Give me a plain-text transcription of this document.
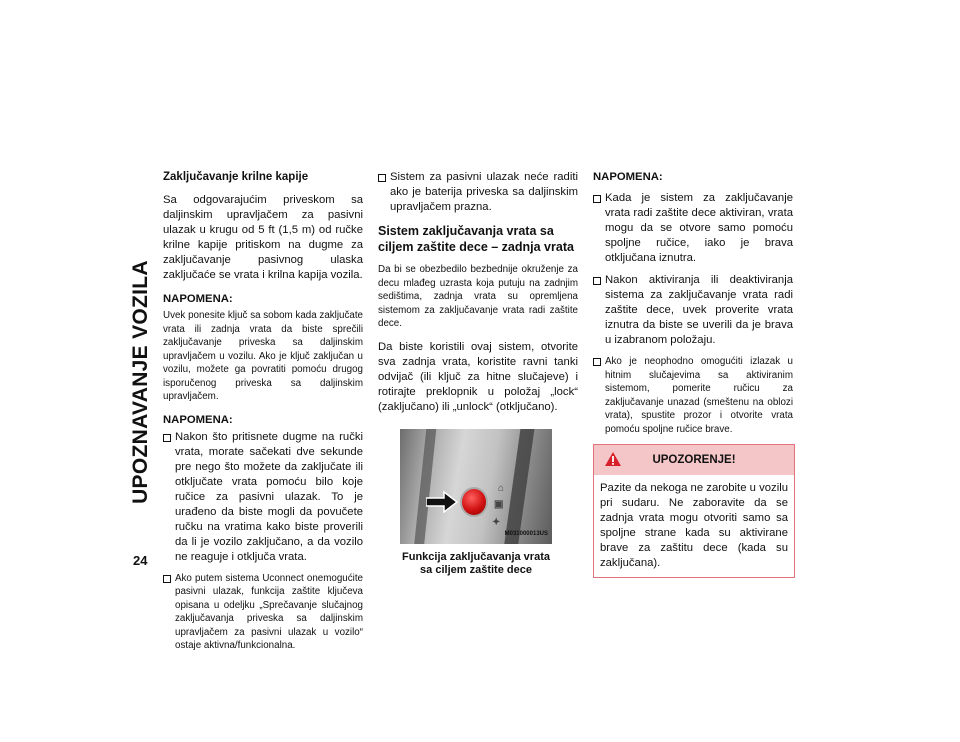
UPOZNAVANJE VOZILA
24
Zaključavanje krilne kapije

Sa odgovarajućim priveskom sa daljinskim upravljačem za pasivni ulazak u krugu od 5 ft (1,5 m) od ručke krilne kapije pritiskom na dugme za zaključavanje pasivnog ulaska zaključaće se vrata i krilna kapija vozila.

NAPOMENA:

Uvek ponesite ključ sa sobom kada zaključate vrata ili zadnja vrata da biste sprečili zaključavanje priveska sa daljinskim upravljačem u vozilu. Ako je ključ zaključan u vozilu, možete ga povratiti pomoću drugog isporučenog priveska sa daljinskim upravljačem.

NAPOMENA:
Nakon što pritisnete dugme na ručki vrata, morate sačekati dve sekunde pre nego što možete da zaključate ili otključate vrata pomoću bilo koje ručice za pasivni ulazak. To je urađeno da biste mogli da povučete ručku na vratima kako biste proverili da li je vozilo zaključano, a da vozilo ne reaguje i otključa vrata.
Ako putem sistema Uconnect onemogućite pasivni ulazak, funkcija zaštite ključeva opisana u odeljku „Sprečavanje slučajnog zaključavanja priveska sa daljinskim upravljačem za pasivni ulazak u vozilo“ ostaje aktivna/funkcionalna.
Sistem za pasivni ulazak neće raditi ako je baterija priveska sa daljinskim upravljačem prazna.
Sistem zaključavanja vrata sa ciljem zaštite dece – zadnja vrata

Da bi se obezbedilo bezbednije okruženje za decu mlađeg uzrasta koja putuju na zadnjim sedištima, zadnja vrata su opremljena sistemom za zaključavanje vrata radi zaštite dece.

Da biste koristili ovaj sistem, otvorite sva zadnja vrata, koristite ravni tanki odvijač (ili ključ za hitne slučajeve) i rotirajte preklopnik u položaj „lock“ (zaključano) ili „unlock“ (otključano).

⌂
▣
✦
M031000013US
Funkcija zaključavanja vrata sa ciljem zaštite dece
NAPOMENA:
Kada je sistem za zaključavanje vrata radi zaštite dece aktiviran, vrata mogu da se otvore samo pomoću spoljne ručice, iako je brava otključana iznutra.
Nakon aktiviranja ili deaktiviranja sistema za zaključavanje vrata radi zaštite dece, uvek proverite vrata iznutra da biste se uverili da je brava u izabranom položaju.
Ako je neophodno omogućiti izlazak u hitnim slučajevima sa aktiviranim sistemom, pomerite ručicu za zaključavanje unazad (smeštenu na oblozi vrata), spustite prozor i otvorite vrata pomoću spoljne ručice brave.
UPOZORENJE!
Pazite da nekoga ne zarobite u vozilu pri sudaru. Ne zaboravite da se zadnja vrata mogu otvoriti samo sa spoljne strane kada su aktivirane brave za zaštitu dece (kada su zaključana).
